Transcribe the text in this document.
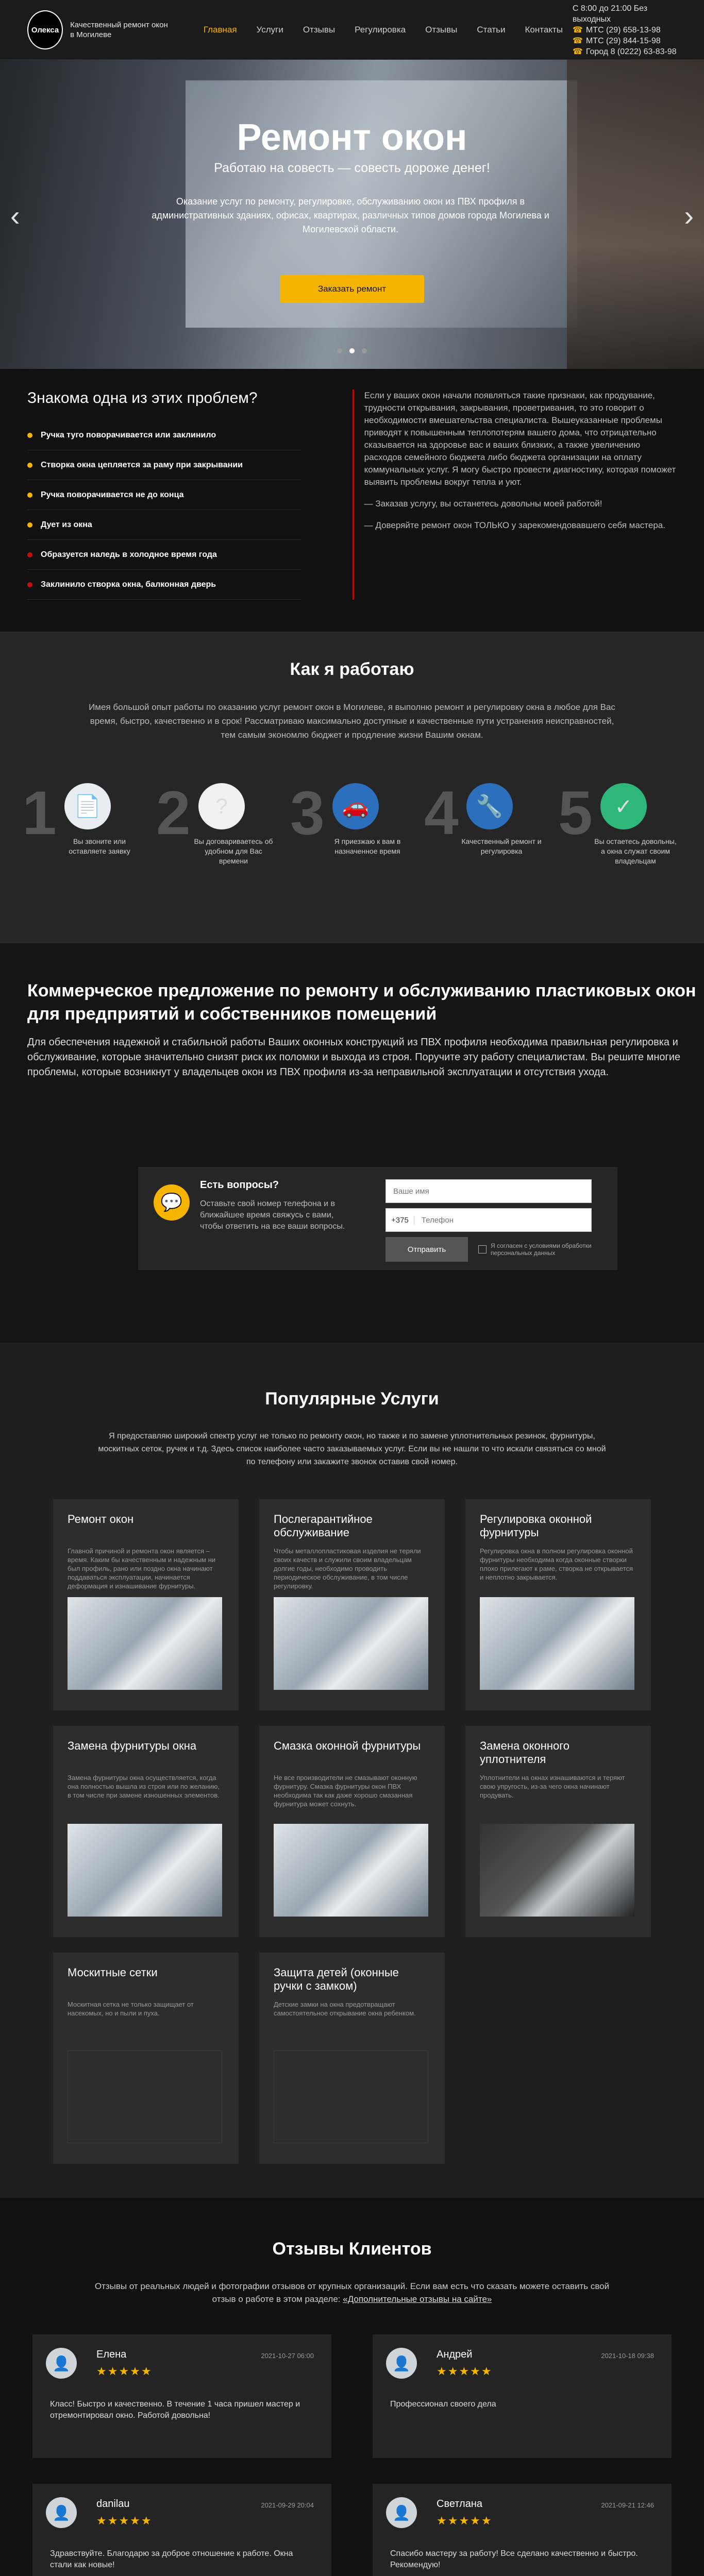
Олекса
Качественный ремонт окон в Могилеве
Главная	Услуги	Отзывы	Регулировка	Отзывы	Статьи	Контакты
С 8:00 до 21:00 Без выходных
☎ МТС (29) 658-13-98
☎ МТС (29) 844-15-98
☎ Город 8 (0222) 63-83-98
‹	›
Ремонт окон
Работаю на совесть — совесть дороже денег!
Оказание услуг по ремонту, регулировке, обслуживанию окон из ПВХ профиля в административных зданиях, офисах, квартирах, различных типов домов города Могилева и Могилевской области.
Заказать ремонт
Знакома одна из этих проблем?
Ручка туго поворачивается или заклинило
Створка окна цепляется за раму при закрывании
Ручка поворачивается не до конца
Дует из окна
Образуется наледь в холодное время года
Заклинило створка окна, балконная дверь

Если у ваших окон начали появляться такие признаки, как продувание, трудности открывания, закрывания, проветривания, то это говорит о необходимости вмешательства специалиста. Вышеуказанные проблемы приводят к повышенным теплопотерям вашего дома, что отрицательно сказывается на здоровье вас и ваших близких, а также увеличению расходов семейного бюджета либо бюджета организации на оплату коммунальных услуг. Я могу быстро провести диагностику, которая поможет выявить проблемы вокруг тепла и уют.

— Заказав услугу, вы останетесь довольны моей работой!

— Доверяйте ремонт окон ТОЛЬКО у зарекомендовавшего себя мастера.

Как я работаю
Имея большой опыт работы по оказанию услуг ремонт окон в Могилеве, я выполню ремонт и регулировку окна в любое для Вас время, быстро, качественно и в срок! Рассматриваю максимально доступные и качественные пути устранения неисправностей, тем самым экономлю бюджет и продление жизни Вашим окнам.
1 📄
Вы звоните или оставляете заявку
2	?
Вы договариваетесь об удобном для Вас времени
3 🚗
Я приезжаю к вам в назначенное время
4 🔧
Качественный ремонт и регулировка
5	✓
Вы остаетесь довольны, а окна служат своим владельцам
Коммерческое предложение по ремонту и обслуживанию пластиковых окон для предприятий и собственников помещений
Для обеспечения надежной и стабильной работы Ваших оконных конструкций из ПВХ профиля необходима правильная регулировка и обслуживание, которые значительно снизят риск их поломки и выхода из строя. Поручите эту работу специалистам. Вы решите многие проблемы, которые возникнут у владельцев окон из ПВХ профиля из-за неправильной эксплуатации и отсутствия ухода.
💬
Есть вопросы?

Оставьте свой номер телефона и в ближайшее время свяжусь с вами, чтобы ответить на все ваши вопросы.

Ваше имя
+375
Телефон
Отправить	Я согласен с условиями обработки персональных данных
Популярные Услуги
Я предоставляю широкий спектр услуг не только по ремонту окон, но также и по замене уплотнительных резинок, фурнитуры, москитных сеток, ручек и т.д. Здесь список наиболее часто заказываемых услуг. Если вы не нашли то что искали связяться со мной по телефону или закажите звонок оставив свой номер.
Ремонт окон

Главной причиной и ремонта окон является – время. Каким бы качественным и надежным ни был профиль, рано или поздно окна начинают поддаваться эксплуатации, начинается деформация и изнашивание фурнитуры.

Послегарантийное обслуживание

Чтобы металлопластиковая изделия не теряли своих качеств и служили своим владельцам долгие годы, необходимо проводить периодическое обслуживание, в том числе регулировку.

Регулировка оконной фурнитуры

Регулировка окна в полном регулировка оконной фурнитуры необходима когда оконные створки плохо прилегают к раме, створка не открывается и неплотно закрывается.

Замена фурнитуры окна

Замена фурнитуры окна осуществляется, когда она полностью вышла из строя или по желанию, в том числе при замене изношенных элементов.

Смазка оконной фурнитуры

Не все производители не смазывают оконную фурнитуру. Смазка фурнитуры окон ПВХ необходима так как даже хорошо смазанная фурнитура может сохнуть.

Замена оконного уплотнителя

Уплотнители на окнах изнашиваются и теряют свою упругость, из-за чего окна начинают продувать.

Москитные сетки

Москитная сетка не только защищает от насекомых, но и пыли и пуха.

Защита детей (оконные ручки с замком)

Детские замки на окна предотвращают самостоятельное открывание окна ребенком.

Отзывы Клиентов
Отзывы от реальных людей и фотографии отзывов от крупных организаций. Если вам есть что сказать можете оставить свой отзыв о работе в этом разделе: «Дополнительные отзывы на сайте»
👤
Елена	2021-10-27 06:00
★★★★★
Класс! Быстро и качественно. В течение 1 часа пришел мастер и отремонтировал окно. Работой довольна!
👤
Андрей	2021-10-18 09:38
★★★★★
Профессионал своего дела
👤
danilau	2021-09-29 20:04
★★★★★
Здравствуйте. Благодарю за доброе отношение к работе. Окна стали как новые!
👤
Светлана	2021-09-21 12:46
★★★★★
Спасибо мастеру за работу! Все сделано качественно и быстро. Рекомендую!
